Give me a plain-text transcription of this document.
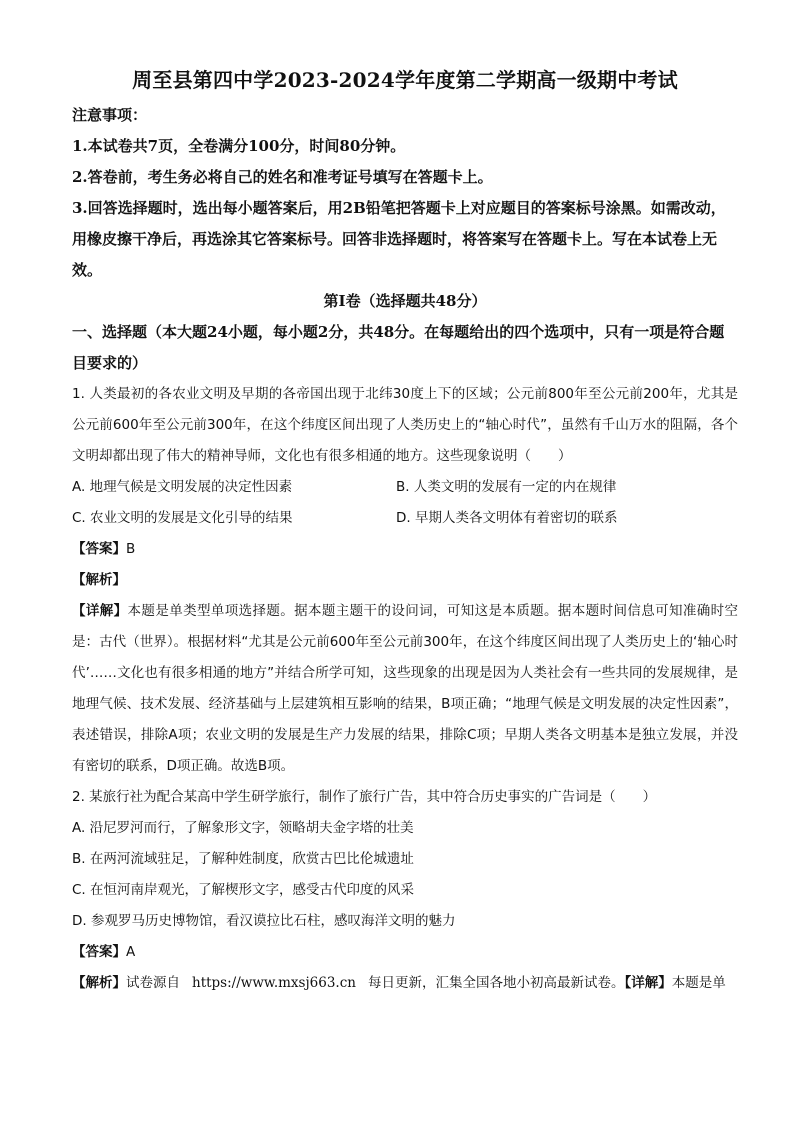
周至县第四中学2023-2024学年度第二学期高一级期中考试

注意事项：

1.本试卷共7页，全卷满分100分，时间80分钟。

2.答卷前，考生务必将自己的姓名和准考证号填写在答题卡上。

3.回答选择题时，选出每小题答案后，用2B铅笔把答题卡上对应题目的答案标号涂黑。如需改动，用橡皮擦干净后，再选涂其它答案标号。回答非选择题时，将答案写在答题卡上。写在本试卷上无效。

第Ⅰ卷（选择题共48分）

一、选择题（本大题24小题，每小题2分，共48分。在每题给出的四个选项中，只有一项是符合题目要求的）

1. 人类最初的各农业文明及早期的各帝国出现于北纬30度上下的区域；公元前800年至公元前200年，尤其是公元前600年至公元前300年，在这个纬度区间出现了人类历史上的“轴心时代”，虽然有千山万水的阻隔，各个文明却都出现了伟大的精神导师，文化也有很多相通的地方。这些现象说明（　　）

A. 地理气候是文明发展的决定性因素	B. 人类文明的发展有一定的内在规律

C. 农业文明的发展是文化引导的结果	D. 早期人类各文明体有着密切的联系

【答案】B

【解析】

【详解】本题是单类型单项选择题。据本题主题干的设问词，可知这是本质题。据本题时间信息可知准确时空是：古代（世界）。根据材料“尤其是公元前600年至公元前300年，在这个纬度区间出现了人类历史上的‘轴心时代’……文化也有很多相通的地方”并结合所学可知，这些现象的出现是因为人类社会有一些共同的发展规律，是地理气候、技术发展、经济基础与上层建筑相互影响的结果，B项正确；“地理气候是文明发展的决定性因素”，表述错误，排除A项；农业文明的发展是生产力发展的结果，排除C项；早期人类各文明基本是独立发展，并没有密切的联系，D项正确。故选B项。

2. 某旅行社为配合某高中学生研学旅行，制作了旅行广告，其中符合历史事实的广告词是（　　）

A. 沿尼罗河而行，了解象形文字，领略胡夫金字塔的壮美

B. 在两河流域驻足，了解种姓制度，欣赏古巴比伦城遗址

C. 在恒河南岸观光，了解楔形文字，感受古代印度的风采

D. 参观罗马历史博物馆，看汉谟拉比石柱，感叹海洋文明的魅力

【答案】A

【解析】试卷源自 https://www.mxsj663.cn 每日更新，汇集全国各地小初高最新试卷。【详解】本题是单
